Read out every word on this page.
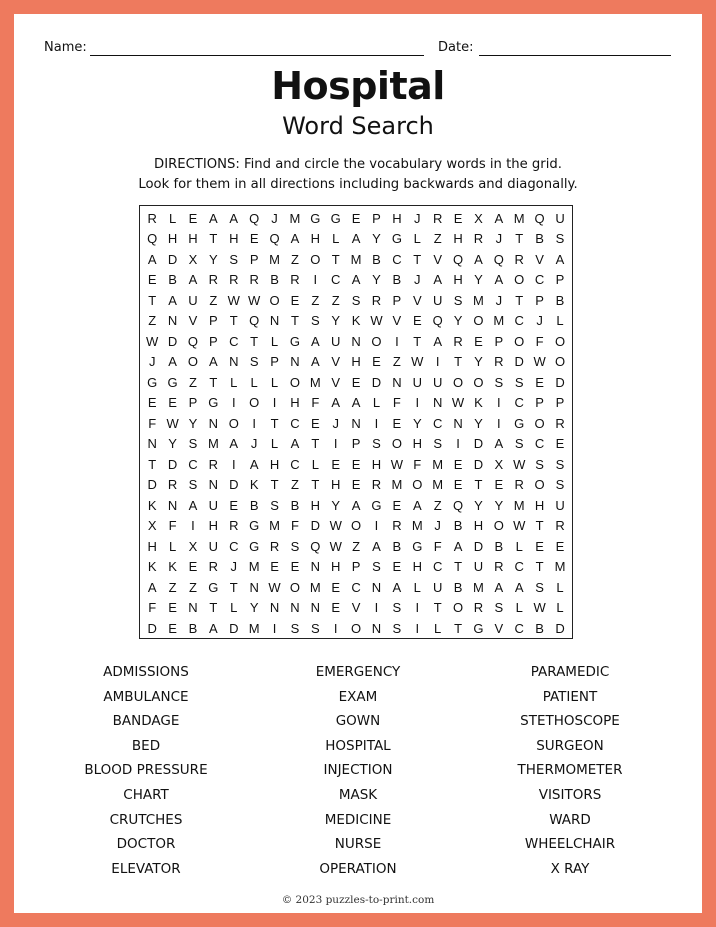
Name:	Date:
Hospital
Word Search
DIRECTIONS: Find and circle the vocabulary words in the grid.
Look for them in all directions including backwards and diagonally.
R L E A A Q J M G G E P H J R E X A M Q U
Q H H T H E Q A H L A Y G L Z H R J	T B S
A D X Y S P M Z O T M B C T V Q A Q R V A
E B A R R R B R	I	C A Y B J A H Y A O C P
T A U Z W W O E Z Z S R P V U S M J	T P B
Z N V P T Q N T S Y K W V E Q Y O M C J	L
W D Q P C T L G A U N O	I	T A R E P O F O
J A O A N S P N A V H E Z W I	T Y R D W O
G G Z T L	L	L O M V E D N U U O O S S E D
E E P G	I	O	I	H F A A L F	I	N W K	I	C P P
F W Y N O	I	T C E J N	I	E Y C N Y	I	G O R
N Y S M A J	L A T	I	P S O H S	I	D A S C E
T D C R	I	A H C L E E H W F M E D X W S S
D R S N D K T Z T H E R M O M E T E R O S
K N A U E B S B H Y A G E A Z Q Y Y M H U
X F	I	H R G M F D W O	I	R M J B H O W T R
H L X U C G R S Q W Z A B G F A D B L E E
K K E R J M E E N H P S E H C T U R C T M
A Z Z G T N W O M E C N A L U B M A A S L
F E N T L Y N N N E V	I	S	I	T O R S L W L
D E B A D M	I	S S	I	O N S	I	L T G V C B D
ADMISSIONS
AMBULANCE
BANDAGE
BED
BLOOD PRESSURE
CHART
CRUTCHES
DOCTOR
ELEVATOR
EMERGENCY
EXAM
GOWN
HOSPITAL
INJECTION
MASK
MEDICINE
NURSE
OPERATION
PARAMEDIC
PATIENT
STETHOSCOPE
SURGEON
THERMOMETER
VISITORS
WARD
WHEELCHAIR
X RAY
© 2023 puzzles-to-print.com
